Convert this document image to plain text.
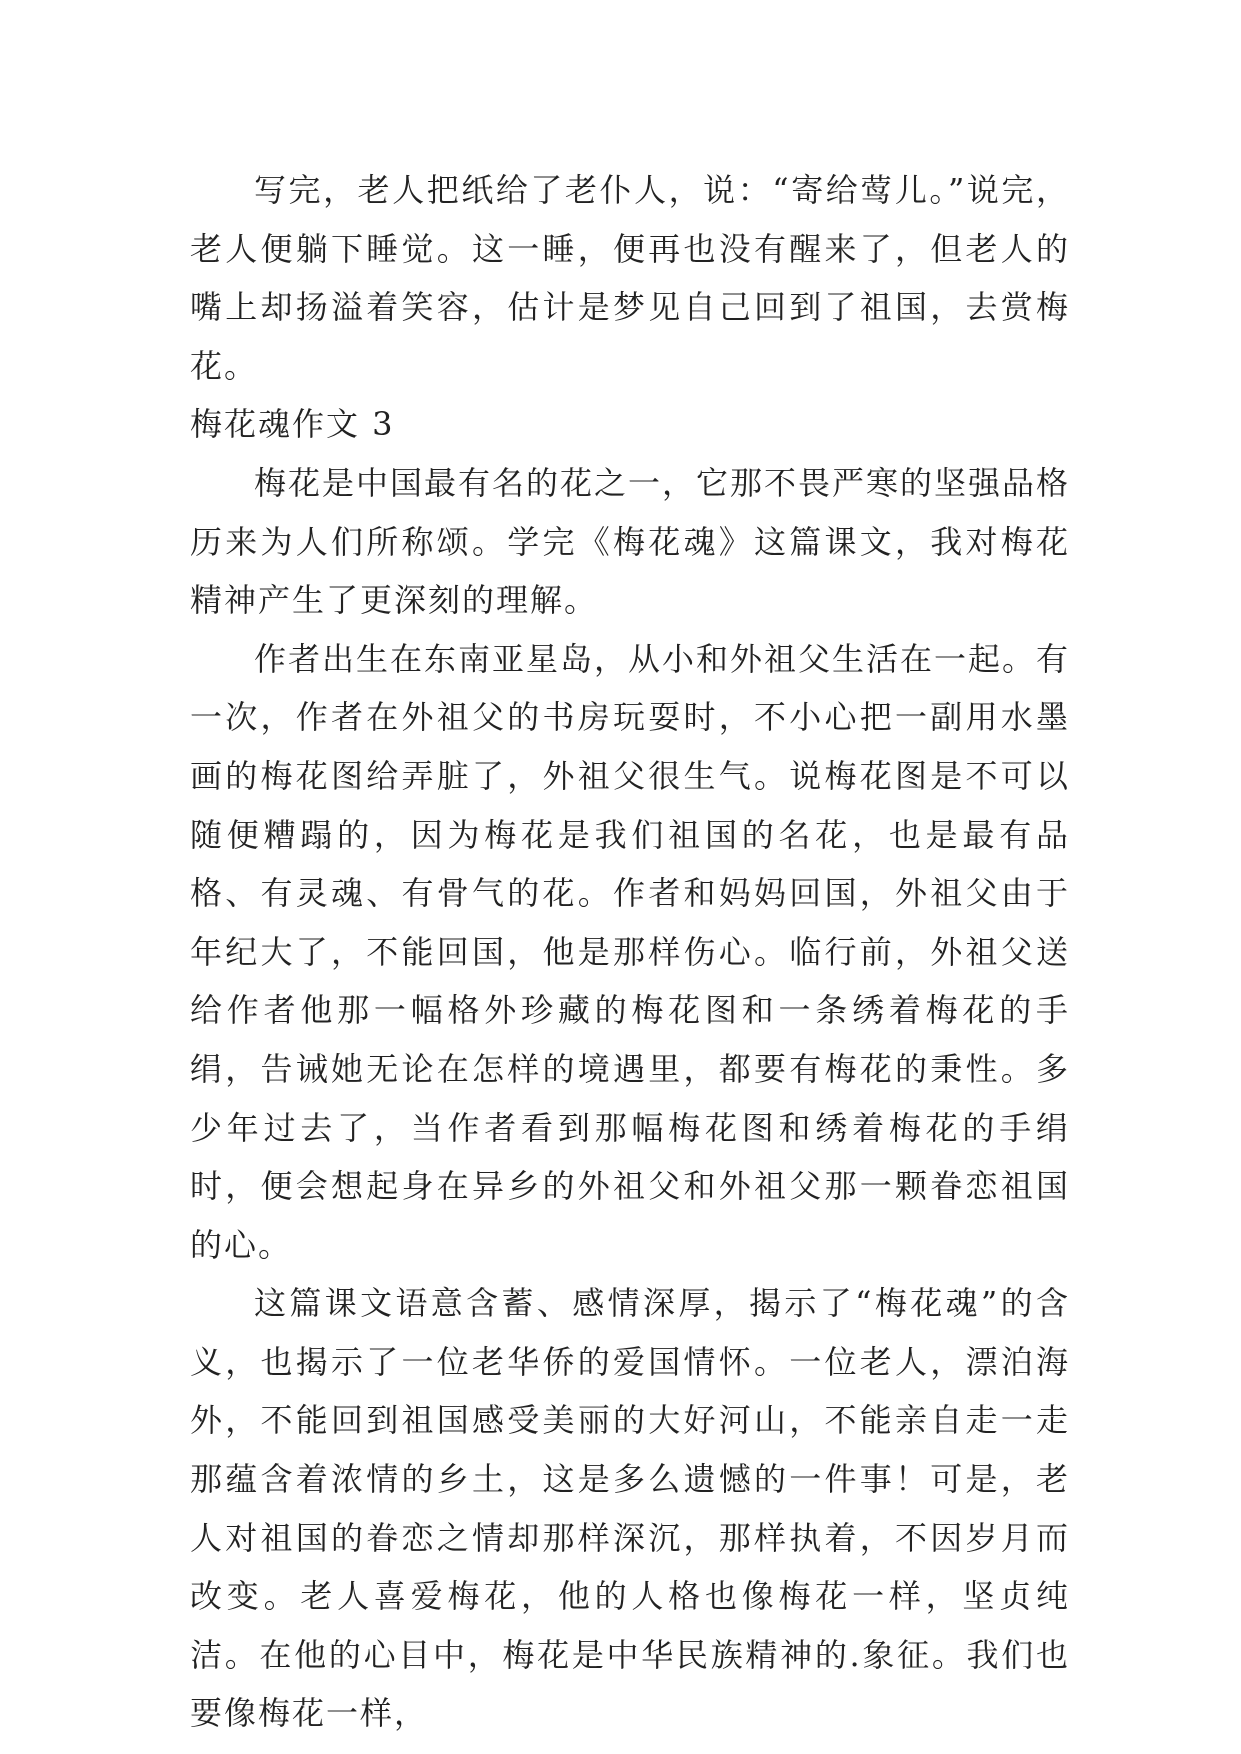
写完，老人把纸给了老仆人，说：“寄给莺儿。”说完，老人便躺下睡觉。这一睡，便再也没有醒来了，但老人的嘴上却扬溢着笑容，估计是梦见自己回到了祖国，去赏梅花。

梅花魂作文 3

梅花是中国最有名的花之一，它那不畏严寒的坚强品格历来为人们所称颂。学完《梅花魂》这篇课文，我对梅花精神产生了更深刻的理解。

作者出生在东南亚星岛，从小和外祖父生活在一起。有一次，作者在外祖父的书房玩耍时，不小心把一副用水墨画的梅花图给弄脏了，外祖父很生气。说梅花图是不可以随便糟蹋的，因为梅花是我们祖国的名花，也是最有品格、有灵魂、有骨气的花。作者和妈妈回国，外祖父由于年纪大了，不能回国，他是那样伤心。临行前，外祖父送给作者他那一幅格外珍藏的梅花图和一条绣着梅花的手绢，告诫她无论在怎样的境遇里，都要有梅花的秉性。多少年过去了，当作者看到那幅梅花图和绣着梅花的手绢时，便会想起身在异乡的外祖父和外祖父那一颗眷恋祖国的心。

这篇课文语意含蓄、感情深厚，揭示了“梅花魂”的含义，也揭示了一位老华侨的爱国情怀。一位老人，漂泊海外，不能回到祖国感受美丽的大好河山，不能亲自走一走那蕴含着浓情的乡土，这是多么遗憾的一件事！可是，老人对祖国的眷恋之情却那样深沉，那样执着，不因岁月而改变。老人喜爱梅花，他的人格也像梅花一样，坚贞纯洁。在他的心目中，梅花是中华民族精神的.象征。我们也要像梅花一样，
